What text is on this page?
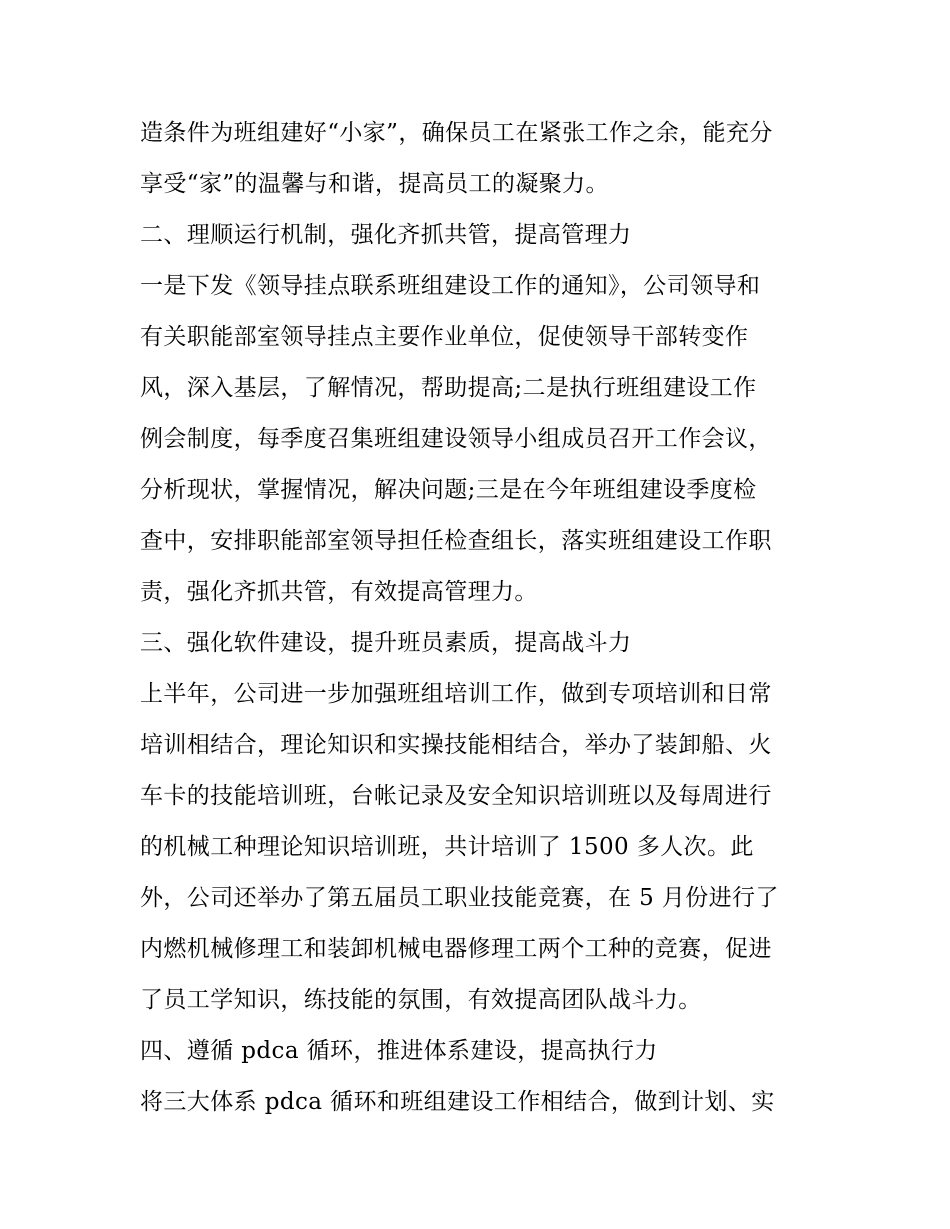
造条件为班组建好“小家”，确保员工在紧张工作之余，能充分
享受“家”的温馨与和谐，提高员工的凝聚力。
二、理顺运行机制，强化齐抓共管，提高管理力
一是下发《领导挂点联系班组建设工作的通知》，公司领导和
有关职能部室领导挂点主要作业单位，促使领导干部转变作
风，深入基层，了解情况，帮助提高;二是执行班组建设工作
例会制度，每季度召集班组建设领导小组成员召开工作会议，
分析现状，掌握情况，解决问题;三是在今年班组建设季度检
查中，安排职能部室领导担任检查组长，落实班组建设工作职
责，强化齐抓共管，有效提高管理力。
三、强化软件建设，提升班员素质，提高战斗力
上半年，公司进一步加强班组培训工作，做到专项培训和日常
培训相结合，理论知识和实操技能相结合，举办了装卸船、火
车卡的技能培训班，台帐记录及安全知识培训班以及每周进行
的机械工种理论知识培训班，共计培训了 1500 多人次。此
外，公司还举办了第五届员工职业技能竞赛，在 5 月份进行了
内燃机械修理工和装卸机械电器修理工两个工种的竞赛，促进
了员工学知识，练技能的氛围，有效提高团队战斗力。
四、遵循 pdca 循环，推进体系建设，提高执行力
将三大体系 pdca 循环和班组建设工作相结合，做到计划、实
